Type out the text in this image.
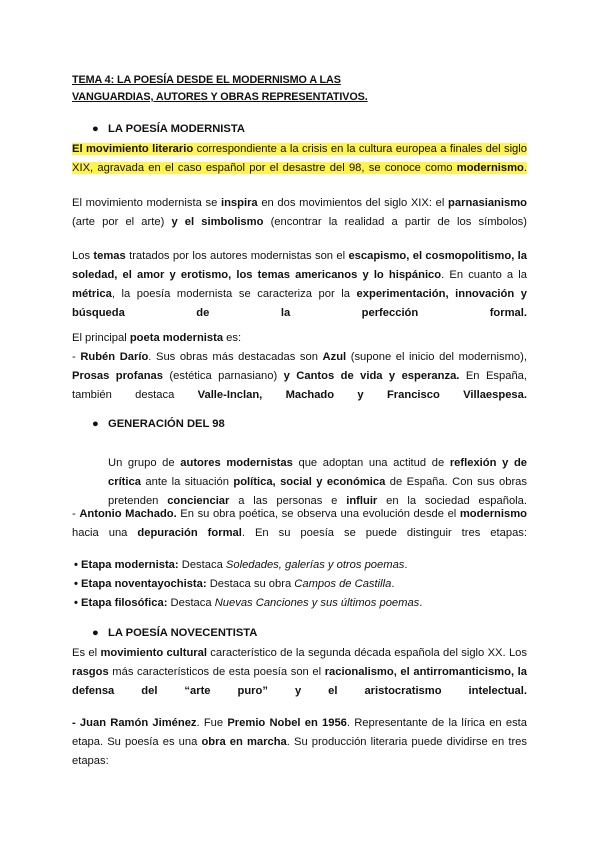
TEMA 4: LA POESÍA DESDE EL MODERNISMO A LAS
VANGUARDIAS, AUTORES Y OBRAS REPRESENTATIVOS.
● LA POESÍA MODERNISTA
El movimiento literario correspondiente a la crisis en la cultura europea a finales del siglo XIX, agravada en el caso español por el desastre del 98, se conoce como modernismo.
El movimiento modernista se inspira en dos movimientos del siglo XIX: el parnasianismo (arte por el arte) y el simbolismo (encontrar la realidad a partir de los símbolos)
Los temas tratados por los autores modernistas son el escapismo, el cosmopolitismo, la soledad, el amor y erotismo, los temas americanos y lo hispánico. En cuanto a la métrica, la poesía modernista se caracteriza por la experimentación, innovación y búsqueda de la perfección formal.
El principal poeta modernista es:
- Rubén Darío. Sus obras más destacadas son Azul (supone el inicio del modernismo), Prosas profanas (estética parnasiano) y Cantos de vida y esperanza. En España, también destaca Valle-Inclan, Machado y Francisco Villaespesa.
● GENERACIÓN DEL 98
Un grupo de autores modernistas que adoptan una actitud de reflexión y de crítica ante la situación política, social y económica de España. Con sus obras pretenden concienciar a las personas e influir en la sociedad española.
- Antonio Machado. En su obra poética, se observa una evolución desde el modernismo hacia una depuración formal. En su poesía se puede distinguir tres etapas:
• Etapa modernista: Destaca Soledades, galerías y otros poemas.
• Etapa noventayochista: Destaca su obra Campos de Castilla.
• Etapa filosófica: Destaca Nuevas Canciones y sus últimos poemas.
● LA POESÍA NOVECENTISTA
Es el movimiento cultural característico de la segunda década española del siglo XX. Los rasgos más característicos de esta poesía son el racionalismo, el antirromanticismo, la defensa del “arte puro” y el aristocratismo intelectual.
- Juan Ramón Jiménez. Fue Premio Nobel en 1956. Representante de la lírica en esta etapa. Su poesía es una obra en marcha. Su producción literaria puede dividirse en tres etapas:
